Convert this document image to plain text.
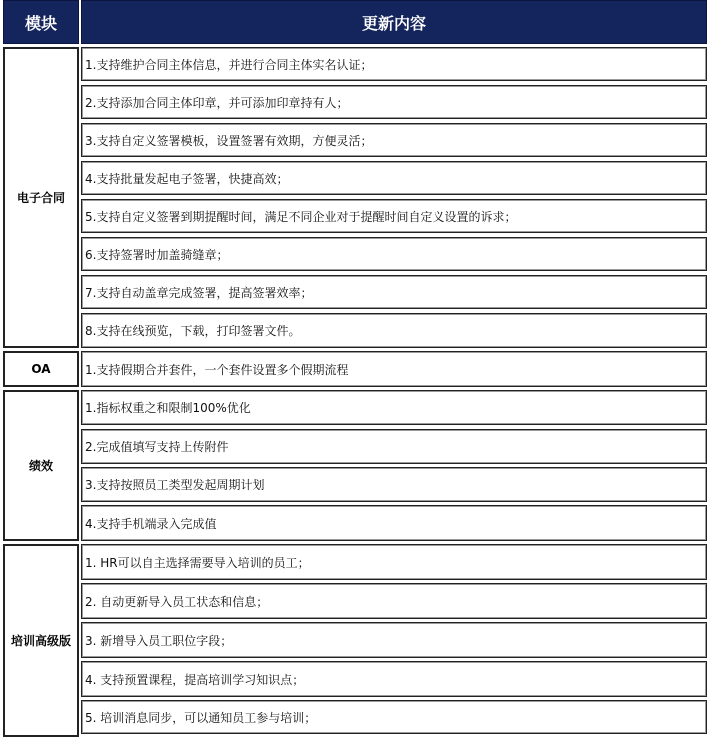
模块	更新内容
电子合同
1.支持维护合同主体信息，并进行合同主体实名认证；
2.支持添加合同主体印章，并可添加印章持有人；
3.支持自定义签署模板，设置签署有效期，方便灵活；
4.支持批量发起电子签署，快捷高效；
5.支持自定义签署到期提醒时间，满足不同企业对于提醒时间自定义设置的诉求；
6.支持签署时加盖骑缝章；
7.支持自动盖章完成签署，提高签署效率；
8.支持在线预览，下载，打印签署文件。
OA	1.支持假期合并套件，一个套件设置多个假期流程
绩效
1.指标权重之和限制100%优化
2.完成值填写支持上传附件
3.支持按照员工类型发起周期计划
4.支持手机端录入完成值
培训高级版
1. HR可以自主选择需要导入培训的员工；
2. 自动更新导入员工状态和信息；
3. 新增导入员工职位字段；
4. 支持预置课程，提高培训学习知识点；
5. 培训消息同步，可以通知员工参与培训；
